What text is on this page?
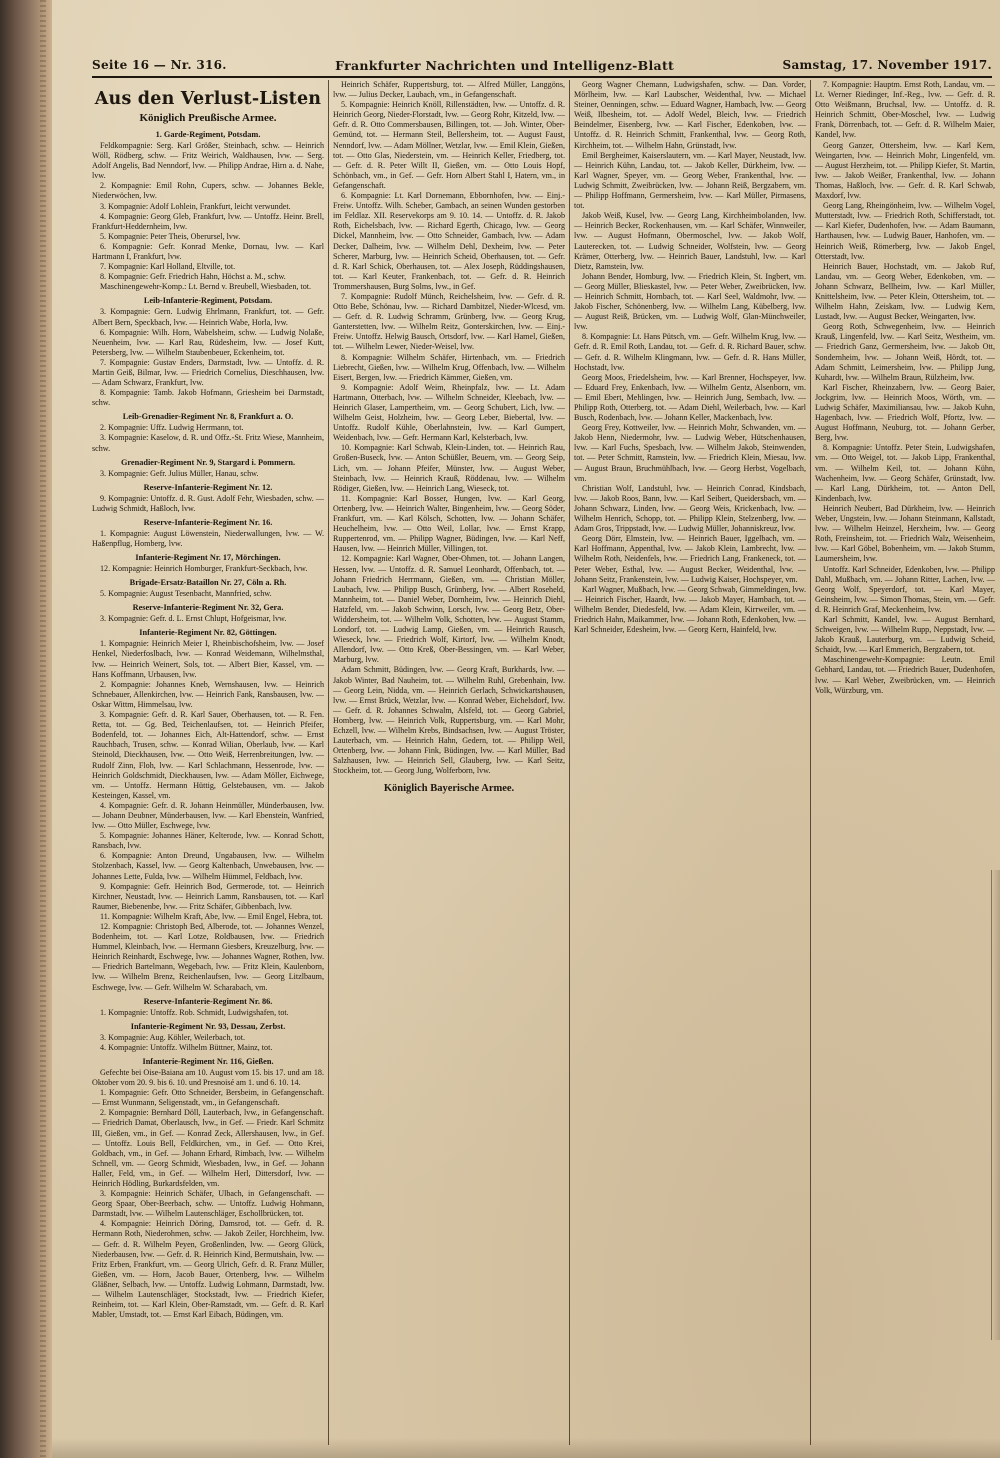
Seite 16 — Nr. 316.	Frankfurter Nachrichten und Intelligenz-Blatt	Samstag, 17. November 1917.
Aus den Verlust-Listen
Königlich Preußische Armee.
1. Garde-Regiment, Potsdam.
Feldkompagnie: Serg. Karl Größer, Steinbach, schw. — Heinrich Wöll, Rödberg, schw. — Fritz Weirich, Waldhausen, lvw. — Serg. Adolf Angelis, Bad Nenndorf, lvw. — Philipp Andrae, Hirn a. d. Nahe, lvw.
2. Kompagnie: Emil Rohn, Cupers, schw. — Johannes Bekle, Niederwöchen, lvw.
3. Kompagnie: Adolf Lohlein, Frankfurt, leicht verwundet.
4. Kompagnie: Georg Gleb, Frankfurt, lvw. — Untoffz. Heinr. Brell, Frankfurt-Heddernheim, lvw.
5. Kompagnie: Peter Theis, Oberursel, lvw.
6. Kompagnie: Gefr. Konrad Menke, Dornau, lvw. — Karl Hartmann I, Frankfurt, lvw.
7. Kompagnie: Karl Holland, Eltville, tot.
8. Kompagnie: Gefr. Friedrich Hahn, Höchst a. M., schw.
Maschinengewehr-Komp.: Lt. Bernd v. Breubell, Wiesbaden, tot.
Leib-Infanterie-Regiment, Potsdam.
3. Kompagnie: Gern. Ludwig Ehrlmann, Frankfurt, tot. — Gefr. Albert Bern, Speckbach, lvw. — Heinrich Wabe, Horla, lvw.
6. Kompagnie: Wilh. Horn, Wabelsheim, schw. — Ludwig Nolaße, Neuenheim, lvw. — Karl Rau, Rüdesheim, lvw. — Josef Kutt, Petersberg, lvw. — Wilhelm Staubenbeuer, Eckenheim, tot.
7. Kompagnie: Gustav Enders, Darmstadt, lvw. — Untoffz. d. R. Martin Geiß, Bilmar, lvw. — Friedrich Cornelius, Dieschhausen, lvw. — Adam Schwarz, Frankfurt, lvw.
8. Kompagnie: Tamb. Jakob Hofmann, Griesheim bei Darmstadt, schw.
Leib-Grenadier-Regiment Nr. 8, Frankfurt a. O.
2. Kompagnie: Uffz. Ludwig Herrmann, tot.
3. Kompagnie: Kaselow, d. R. und Offz.-St. Fritz Wiese, Mannheim, schw.
Grenadier-Regiment Nr. 9, Stargard i. Pommern.
3. Kompagnie: Gefr. Julius Müller, Hanau, schw.
Reserve-Infanterie-Regiment Nr. 12.
9. Kompagnie: Untoffz. d. R. Gust. Adolf Fehr, Wiesbaden, schw. — Ludwig Schmidt, Haßloch, lvw.
Reserve-Infanterie-Regiment Nr. 16.
1. Kompagnie: August Löwenstein, Niederwallungen, lvw. — W. Haßenpflug, Homberg, lvw.
Infanterie-Regiment Nr. 17, Mörchingen.
12. Kompagnie: Heinrich Homburger, Frankfurt-Seckbach, lvw.
Brigade-Ersatz-Bataillon Nr. 27, Cöln a. Rh.
5. Kompagnie: August Tesenbacht, Mannfried, schw.
Reserve-Infanterie-Regiment Nr. 32, Gera.
3. Kompagnie: Gefr. d. L. Ernst Chlupt, Hofgeismar, lvw.
Infanterie-Regiment Nr. 82, Göttingen.
1. Kompagnie: Heinrich Meier I, Rheinbischofsheim, lvw. — Josef Henkel, Niederfoslbach, lvw. — Konrad Weidemann, Wilhelmsthal, lvw. — Heinrich Weinert, Sols, tot. — Albert Bier, Kassel, vm. — Hans Koffmann, Urbausen, lvw.
2. Kompagnie: Johannes Kneb, Wernshausen, lvw. — Heinrich Schnebauer, Allenkirchen, lvw. — Heinrich Fank, Ransbausen, lvw. — Oskar Wittm, Himmelsau, lvw.
3. Kompagnie: Gefr. d. R. Karl Sauer, Oberhausen, tot. — R. Fen. Retta, tot. — Gg. Bed, Teichenlaufsen, tot. — Heinrich Pfeifer, Bodenfeld, tot. — Johannes Eich, Alt-Hattendorf, schw. — Ernst Rauchbach, Trusen, schw. — Konrad Wilian, Oberlaub, lvw. — Karl Steinold, Dieckhausen, lvw. — Otto Weiß, Herrenbreitungen, lvw. — Rudolf Zinn, Floh, lvw. — Karl Schlachmann, Hessenrode, lvw. — Heinrich Goldschmidt, Dieckhausen, lvw. — Adam Möller, Eichwege, vm. — Untoffz. Hermann Hüttig, Gelstebausen, vm. — Jakob Kesteingen, Kassel, vm.
4. Kompagnie: Gefr. d. R. Johann Heinmüller, Münderbausen, lvw. — Johann Deubner, Münderbausen, lvw. — Karl Ebenstein, Wanfried, lvw. — Otto Müller, Eschwege, lvw.
5. Kompagnie: Johannes Häner, Kelterode, lvw. — Konrad Schott, Ransbach, lvw.
6. Kompagnie: Anton Dreund, Ungabausen, lvw. — Wilhelm Stolzenbach, Kassel, lvw. — Georg Kaltenbach, Unwebausen, lvw. — Johannes Lette, Fulda, lvw. — Wilhelm Hümmel, Feldbach, lvw.
9. Kompagnie: Gefr. Heinrich Bod, Germerode, tot. — Heinrich Kirchner, Neustadt, lvw. — Heinrich Lamm, Ransbausen, tot. — Karl Raumer, Biebenenbe, lvw. — Fritz Schäfer, Gibbenbach, lvw.
11. Kompagnie: Wilhelm Kraft, Abe, lvw. — Emil Engel, Hebra, tot.
12. Kompagnie: Christoph Bed, Alberode, tot. — Johannes Wenzel, Bodenheim, tot. — Karl Lotze, Roldbausen, lvw. — Friedrich Hummel, Kleinbach, lvw. — Hermann Giesbers, Kreuzelburg, lvw. — Heinrich Reinhardt, Eschwege, lvw. — Johannes Wagner, Rothen, lvw. — Friedrich Bartelmann, Wegebach, lvw. — Fritz Klein, Kaulenborn, lvw. — Wilhelm Brenz, Reichenlaufsen, lvw. — Georg Litzlbaum, Eschwege, lvw. — Gefr. Wilhelm W. Scharabach, vm.
Reserve-Infanterie-Regiment Nr. 86.
1. Kompagnie: Untoffz. Rob. Schmidt, Ludwigshafen, tot.
Infanterie-Regiment Nr. 93, Dessau, Zerbst.
3. Kompagnie: Aug. Köhler, Weilerbach, tot.
4. Kompagnie: Untoffz. Wilhelm Büttner, Mainz, tot.
Infanterie-Regiment Nr. 116, Gießen.
Gefechte bei Oise-Baiana am 10. August vom 15. bis 17. und am 18. Oktober vom 20. 9. bis 6. 10. und Presnoisé am 1. und 6. 10. 14.
1. Kompagnie: Gefr. Otto Schneider, Bersbeim, in Gefangenschaft. — Ernst Wunmann, Seligenstadt, vm., in Gefangenschaft.
2. Kompagnie: Bernhard Döll, Lauterbach, lvw., in Gefangenschaft. — Friedrich Damat, Oberlausch, lvw., in Gef. — Friedr. Karl Schmitz III, Gießen, vm., in Gef. — Konrad Zeck, Allershausen, lvw., in Gef. — Untoffz. Louis Bell, Feldkirchen, vm., in Gef. — Otto Krei, Goldbach, vm., in Gef. — Johann Erhard, Rimbach, lvw. — Wilhelm Schnell, vm. — Georg Schmidt, Wiesbaden, lvw., in Gef. — Johann Haller, Feld, vm., in Gef. — Wilhelm Herl, Dittersdorf, lvw. — Heinrich Hödling, Burkardsfelden, vm.
3. Kompagnie: Heinrich Schäfer, Ulbach, in Gefangenschaft. — Georg Spaar, Ober-Beerbach, schw. — Untoffz. Ludwig Hohmann, Darmstadt, lvw. — Wilhelm Lautenschläger, Eschollbrücken, tot.
4. Kompagnie: Heinrich Döring, Damsrod, tot. — Gefr. d. R. Hermann Roth, Niederohmen, schw. — Jakob Zeiler, Horchheim, lvw. — Gefr. d. R. Wilhelm Peyen, Großenlinden, lvw. — Georg Glück, Niederbausen, lvw. — Gefr. d. R. Heinrich Kind, Bermutshain, lvw. — Fritz Erben, Frankfurt, vm. — Georg Ulrich, Gefr. d. R. Franz Müller, Gießen, vm. — Horn, Jacob Bauer, Ortenberg, lvw. — Wilhelm Gläßner, Selbach, lvw. — Untoffz. Ludwig Lohmann, Darmstadt, lvw. — Wilhelm Lautenschläger, Stockstadt, lvw. — Friedrich Kiefer, Reinheim, tot. — Karl Klein, Ober-Ramstadt, vm. — Gefr. d. R. Karl Mabler, Umstadt, tot. — Ernst Karl Eibach, Büdingen, vm.
Heinrich Schäfer, Ruppertsburg, tot. — Alfred Müller, Langgöns, lvw. — Julius Decker, Laubach, vm., in Gefangenschaft.
5. Kompagnie: Heinrich Knöll, Rillenstädten, lvw. — Untoffz. d. R. Heinrich Georg, Nieder-Florstadt, lvw. — Georg Rohr, Kitzeld, lvw. — Gefr. d. R. Otto Commersbausen, Billingen, tot. — Joh. Winter, Ober-Gemünd, tot. — Hermann Steil, Bellersheim, tot. — August Faust, Nenndorf, lvw. — Adam Möllner, Wetzlar, lvw. — Emil Klein, Gießen, tot. — Otto Glas, Niederstein, vm. — Heinrich Keller, Friedberg, tot. — Gefr. d. R. Peter Willt II, Gießen, vm. — Otto Louis Hopf, Schönbach, vm., in Gef. — Gefr. Horn Albert Stahl I, Hatern, vm., in Gefangenschaft.
6. Kompagnie: Lt. Karl Dornemann, Ebbornhofen, lvw. — Einj.-Freiw. Untoffz. Wilh. Scheber, Gambach, an seinen Wunden gestorben im Feldlaz. XII. Reservekorps am 9. 10. 14. — Untoffz. d. R. Jakob Roth, Eichelsbach, lvw. — Richard Egerth, Chicago, lvw. — Georg Dickel, Mannheim, lvw. — Otto Schneider, Gambach, lvw. — Adam Decker, Dalheim, lvw. — Wilhelm Dehl, Dexheim, lvw. — Peter Scherer, Marburg, lvw. — Heinrich Scheid, Oberhausen, tot. — Gefr. d. R. Karl Schick, Oberhausen, tot. — Alex Joseph, Rüddingshausen, tot. — Karl Keuter, Frankenbach, tot. — Gefr. d. R. Heinrich Trommershausen, Burg Solms, lvw., in Gef.
7. Kompagnie: Rudolf Münch, Reichelsheim, lvw. — Gefr. d. R. Otto Bebe, Schönau, lvw. — Richard Dambitzel, Nieder-Wlcesd, vm. — Gefr. d. R. Ludwig Schramm, Grünberg, lvw. — Georg Krug, Ganterstetten, lvw. — Wilhelm Reitz, Gonterskirchen, lvw. — Einj.-Freiw. Untoffz. Helwig Bausch, Ortsdorf, lvw. — Karl Hamel, Gießen, tot. — Wilhelm Lewer, Nieder-Weisel, lvw.
8. Kompagnie: Wilhelm Schäfer, Hirtenbach, vm. — Friedrich Liebrecht, Gießen, lvw. — Wilhelm Krug, Offenbach, lvw. — Wilhelm Eisert, Bergen, lvw. — Friedrich Kämmer, Gießen, vm.
9. Kompagnie: Adolf Weim, Rheinpfalz, lvw. — Lt. Adam Hartmann, Otterbach, lvw. — Wilhelm Schneider, Kleebach, lvw. — Heinrich Glaser, Lampertheim, vm. — Georg Schubert, Lich, lvw. — Wilhelm Geist, Holzheim, lvw. — Georg Leber, Biebertal, lvw. — Untoffz. Rudolf Kühle, Oberlahnstein, lvw. — Karl Gumpert, Weidenbach, lvw. — Gefr. Hermann Karl, Kelsterbach, lvw.
10. Kompagnie: Karl Schwab, Klein-Linden, tot. — Heinrich Rau, Großen-Buseck, lvw. — Anton Schüßler, Beuern, vm. — Georg Seip, Lich, vm. — Johann Pfeifer, Münster, lvw. — August Weber, Steinbach, lvw. — Heinrich Krauß, Röddenau, lvw. — Wilhelm Rödiger, Gießen, lvw. — Heinrich Lang, Wieseck, tot.
11. Kompagnie: Karl Bosser, Hungen, lvw. — Karl Georg, Ortenberg, lvw. — Heinrich Walter, Bingenheim, lvw. — Georg Söder, Frankfurt, vm. — Karl Kölsch, Schotten, lvw. — Johann Schäfer, Heuchelheim, lvw. — Otto Weil, Lollar, lvw. — Ernst Krapp, Ruppertenrod, vm. — Philipp Wagner, Büdingen, lvw. — Karl Neff, Hausen, lvw. — Heinrich Müller, Villingen, tot.
12. Kompagnie: Karl Wagner, Ober-Ohmen, tot. — Johann Langen, Hessen, lvw. — Untoffz. d. R. Samuel Leonhardt, Offenbach, tot. — Johann Friedrich Herrmann, Gießen, vm. — Christian Möller, Laubach, lvw. — Philipp Busch, Grünberg, lvw. — Albert Roseheld, Mannheim, tot. — Daniel Weber, Dornheim, lvw. — Heinrich Diehl, Hatzfeld, vm. — Jakob Schwinn, Lorsch, lvw. — Georg Betz, Ober-Widdersheim, tot. — Wilhelm Volk, Schotten, lvw. — August Stamm, Londorf, tot. — Ludwig Lamp, Gießen, vm. — Heinrich Rausch, Wieseck, lvw. — Friedrich Wolf, Kirtorf, lvw. — Wilhelm Knodt, Allendorf, lvw. — Otto Kreß, Ober-Bessingen, vm. — Karl Weber, Marburg, lvw.
Adam Schmitt, Büdingen, lvw. — Georg Kraft, Burkhards, lvw. — Jakob Winter, Bad Nauheim, tot. — Wilhelm Ruhl, Grebenhain, lvw. — Georg Lein, Nidda, vm. — Heinrich Gerlach, Schwickartshausen, lvw. — Ernst Brück, Wetzlar, lvw. — Konrad Weber, Eichelsdorf, lvw. — Gefr. d. R. Johannes Schwalm, Alsfeld, tot. — Georg Gabriel, Homberg, lvw. — Heinrich Volk, Ruppertsburg, vm. — Karl Mohr, Echzell, lvw. — Wilhelm Krebs, Bindsachsen, lvw. — August Tröster, Lauterbach, vm. — Heinrich Hahn, Gedern, tot. — Philipp Weil, Ortenberg, lvw. — Johann Fink, Büdingen, lvw. — Karl Müller, Bad Salzhausen, lvw. — Heinrich Sell, Glauberg, lvw. — Karl Seitz, Stockheim, tot. — Georg Jung, Wolferborn, lvw.
Königlich Bayerische Armee.
Georg Wagner Chemann, Ludwigshafen, schw. — Dan. Vorder, Mörlheim, lvw. — Karl Laubscher, Weidenthal, lvw. — Michael Steiner, Oenningen, schw. — Eduard Wagner, Hambach, lvw. — Georg Weiß, Ilbesheim, tot. — Adolf Wedel, Bleich, lvw. — Friedrich Beindelmer, Eisenberg, lvw. — Karl Fischer, Edenkoben, lvw. — Untoffz. d. R. Heinrich Schmitt, Frankenthal, lvw. — Georg Roth, Kirchheim, tot. — Wilhelm Hahn, Grünstadt, lvw.
Emil Bergheimer, Kaiserslautern, vm. — Karl Mayer, Neustadt, lvw. — Heinrich Kühn, Landau, tot. — Jakob Keller, Dürkheim, lvw. — Karl Wagner, Speyer, vm. — Georg Weber, Frankenthal, lvw. — Ludwig Schmitt, Zweibrücken, lvw. — Johann Reiß, Bergzabern, vm. — Philipp Hoffmann, Germersheim, lvw. — Karl Müller, Pirmasens, tot.
Jakob Weiß, Kusel, lvw. — Georg Lang, Kirchheimbolanden, lvw. — Heinrich Becker, Rockenhausen, vm. — Karl Schäfer, Winnweiler, lvw. — August Hofmann, Obermoschel, lvw. — Jakob Wolf, Lauterecken, tot. — Ludwig Schneider, Wolfstein, lvw. — Georg Krämer, Otterberg, lvw. — Heinrich Bauer, Landstuhl, lvw. — Karl Dietz, Ramstein, lvw.
Johann Bender, Homburg, lvw. — Friedrich Klein, St. Ingbert, vm. — Georg Müller, Blieskastel, lvw. — Peter Weber, Zweibrücken, lvw. — Heinrich Schmitt, Hornbach, tot. — Karl Seel, Waldmohr, lvw. — Jakob Fischer, Schönenberg, lvw. — Wilhelm Lang, Kübelberg, lvw. — August Reiß, Brücken, vm. — Ludwig Wolf, Glan-Münchweiler, lvw.
8. Kompagnie: Lt. Hans Pütsch, vm. — Gefr. Wilhelm Krug, lvw. — Gefr. d. R. Emil Roth, Landau, tot. — Gefr. d. R. Richard Bauer, schw. — Gefr. d. R. Wilhelm Klingmann, lvw. — Gefr. d. R. Hans Müller, Hochstadt, lvw.
Georg Moos, Friedelsheim, lvw. — Karl Brenner, Hochspeyer, lvw. — Eduard Frey, Enkenbach, lvw. — Wilhelm Gentz, Alsenborn, vm. — Emil Ebert, Mehlingen, lvw. — Heinrich Jung, Sembach, lvw. — Philipp Roth, Otterberg, tot. — Adam Diehl, Weilerbach, lvw. — Karl Busch, Rodenbach, lvw. — Johann Keller, Mackenbach, lvw.
Georg Frey, Kottweiler, lvw. — Heinrich Mohr, Schwanden, vm. — Jakob Henn, Niedermohr, lvw. — Ludwig Weber, Hütschenhausen, lvw. — Karl Fuchs, Spesbach, lvw. — Wilhelm Jakob, Steinwenden, tot. — Peter Schmitt, Ramstein, lvw. — Friedrich Klein, Miesau, lvw. — August Braun, Bruchmühlbach, lvw. — Georg Herbst, Vogelbach, vm.
Christian Wolf, Landstuhl, lvw. — Heinrich Conrad, Kindsbach, lvw. — Jakob Roos, Bann, lvw. — Karl Seibert, Queidersbach, vm. — Johann Schwarz, Linden, lvw. — Georg Weis, Krickenbach, lvw. — Wilhelm Henrich, Schopp, tot. — Philipp Klein, Stelzenberg, lvw. — Adam Gros, Trippstadt, lvw. — Ludwig Müller, Johanniskreuz, lvw.
Georg Dörr, Elmstein, lvw. — Heinrich Bauer, Iggelbach, vm. — Karl Hoffmann, Appenthal, lvw. — Jakob Klein, Lambrecht, lvw. — Wilhelm Roth, Neidenfels, lvw. — Friedrich Lang, Frankeneck, tot. — Peter Weber, Esthal, lvw. — August Becker, Weidenthal, lvw. — Johann Seitz, Frankenstein, lvw. — Ludwig Kaiser, Hochspeyer, vm.
Karl Wagner, Mußbach, lvw. — Georg Schwab, Gimmeldingen, lvw. — Heinrich Fischer, Haardt, lvw. — Jakob Mayer, Hambach, tot. — Wilhelm Bender, Diedesfeld, lvw. — Adam Klein, Kirrweiler, vm. — Friedrich Hahn, Maikammer, lvw. — Johann Roth, Edenkoben, lvw. — Karl Schneider, Edesheim, lvw. — Georg Kern, Hainfeld, lvw.
7. Kompagnie: Hauptm. Ernst Roth, Landau, vm. — Lt. Werner Riedinger, Inf.-Reg., lvw. — Gefr. d. R. Otto Weißmann, Bruchsal, lvw. — Untoffz. d. R. Heinrich Schmitt, Ober-Moschel, lvw. — Ludwig Frank, Dörrenbach, tot. — Gefr. d. R. Wilhelm Maier, Kandel, lvw.
Georg Ganzer, Ottersheim, lvw. — Karl Kern, Weingarten, lvw. — Heinrich Mohr, Lingenfeld, vm. — August Herzheim, tot. — Philipp Kiefer, St. Martin, lvw. — Jakob Weißer, Frankenthal, lvw. — Johann Thomas, Haßloch, lvw. — Gefr. d. R. Karl Schwab, Maxdorf, lvw.
Georg Lang, Rheingönheim, lvw. — Wilhelm Vogel, Mutterstadt, lvw. — Friedrich Roth, Schifferstadt, tot. — Karl Kiefer, Dudenhofen, lvw. — Adam Baumann, Harthausen, lvw. — Ludwig Bauer, Hanhofen, vm. — Heinrich Weiß, Römerberg, lvw. — Jakob Engel, Otterstadt, lvw.
Heinrich Bauer, Hochstadt, vm. — Jakob Ruf, Landau, vm. — Georg Weber, Edenkoben, vm. — Johann Schwarz, Bellheim, lvw. — Karl Müller, Knittelsheim, lvw. — Peter Klein, Ottersheim, tot. — Wilhelm Hahn, Zeiskam, lvw. — Ludwig Kern, Lustadt, lvw. — August Becker, Weingarten, lvw.
Georg Roth, Schwegenheim, lvw. — Heinrich Krauß, Lingenfeld, lvw. — Karl Seitz, Westheim, vm. — Friedrich Ganz, Germersheim, lvw. — Jakob Ott, Sondernheim, lvw. — Johann Weiß, Hördt, tot. — Adam Schmitt, Leimersheim, lvw. — Philipp Jung, Kuhardt, lvw. — Wilhelm Braun, Rülzheim, lvw.
Karl Fischer, Rheinzabern, lvw. — Georg Baier, Jockgrim, lvw. — Heinrich Moos, Wörth, vm. — Ludwig Schäfer, Maximiliansau, lvw. — Jakob Kuhn, Hagenbach, lvw. — Friedrich Wolf, Pfortz, lvw. — August Hoffmann, Neuburg, tot. — Johann Gerber, Berg, lvw.
8. Kompagnie: Untoffz. Peter Stein, Ludwigshafen, vm. — Otto Weigel, tot. — Jakob Lipp, Frankenthal, vm. — Wilhelm Keil, tot. — Johann Kühn, Wachenheim, lvw. — Georg Schäfer, Grünstadt, lvw. — Karl Lang, Dürkheim, tot. — Anton Dell, Kindenbach, lvw.
Heinrich Neubert, Bad Dürkheim, lvw. — Heinrich Weber, Ungstein, lvw. — Johann Steinmann, Kallstadt, lvw. — Wilhelm Heinzel, Herxheim, lvw. — Georg Roth, Freinsheim, tot. — Friedrich Walz, Weisenheim, lvw. — Karl Göbel, Bobenheim, vm. — Jakob Stumm, Laumersheim, lvw.
Untoffz. Karl Schneider, Edenkoben, lvw. — Philipp Dahl, Mußbach, vm. — Johann Ritter, Lachen, lvw. — Georg Wolf, Speyerdorf, tot. — Karl Mayer, Geinsheim, lvw. — Simon Thomas, Stein, vm. — Gefr. d. R. Heinrich Graf, Meckenheim, lvw.
Karl Schmitt, Kandel, lvw. — August Bernhard, Schweigen, lvw. — Wilhelm Rupp, Neppstadt, lvw. — Jakob Krauß, Lauterburg, vm. — Ludwig Scheid, Schaidt, lvw. — Karl Emmerich, Bergzabern, tot.
Maschinengewehr-Kompagnie: Leutn. Emil Gebhard, Landau, tot. — Friedrich Bauer, Dudenhofen, lvw. — Karl Weber, Zweibrücken, vm. — Heinrich Volk, Würzburg, vm.
